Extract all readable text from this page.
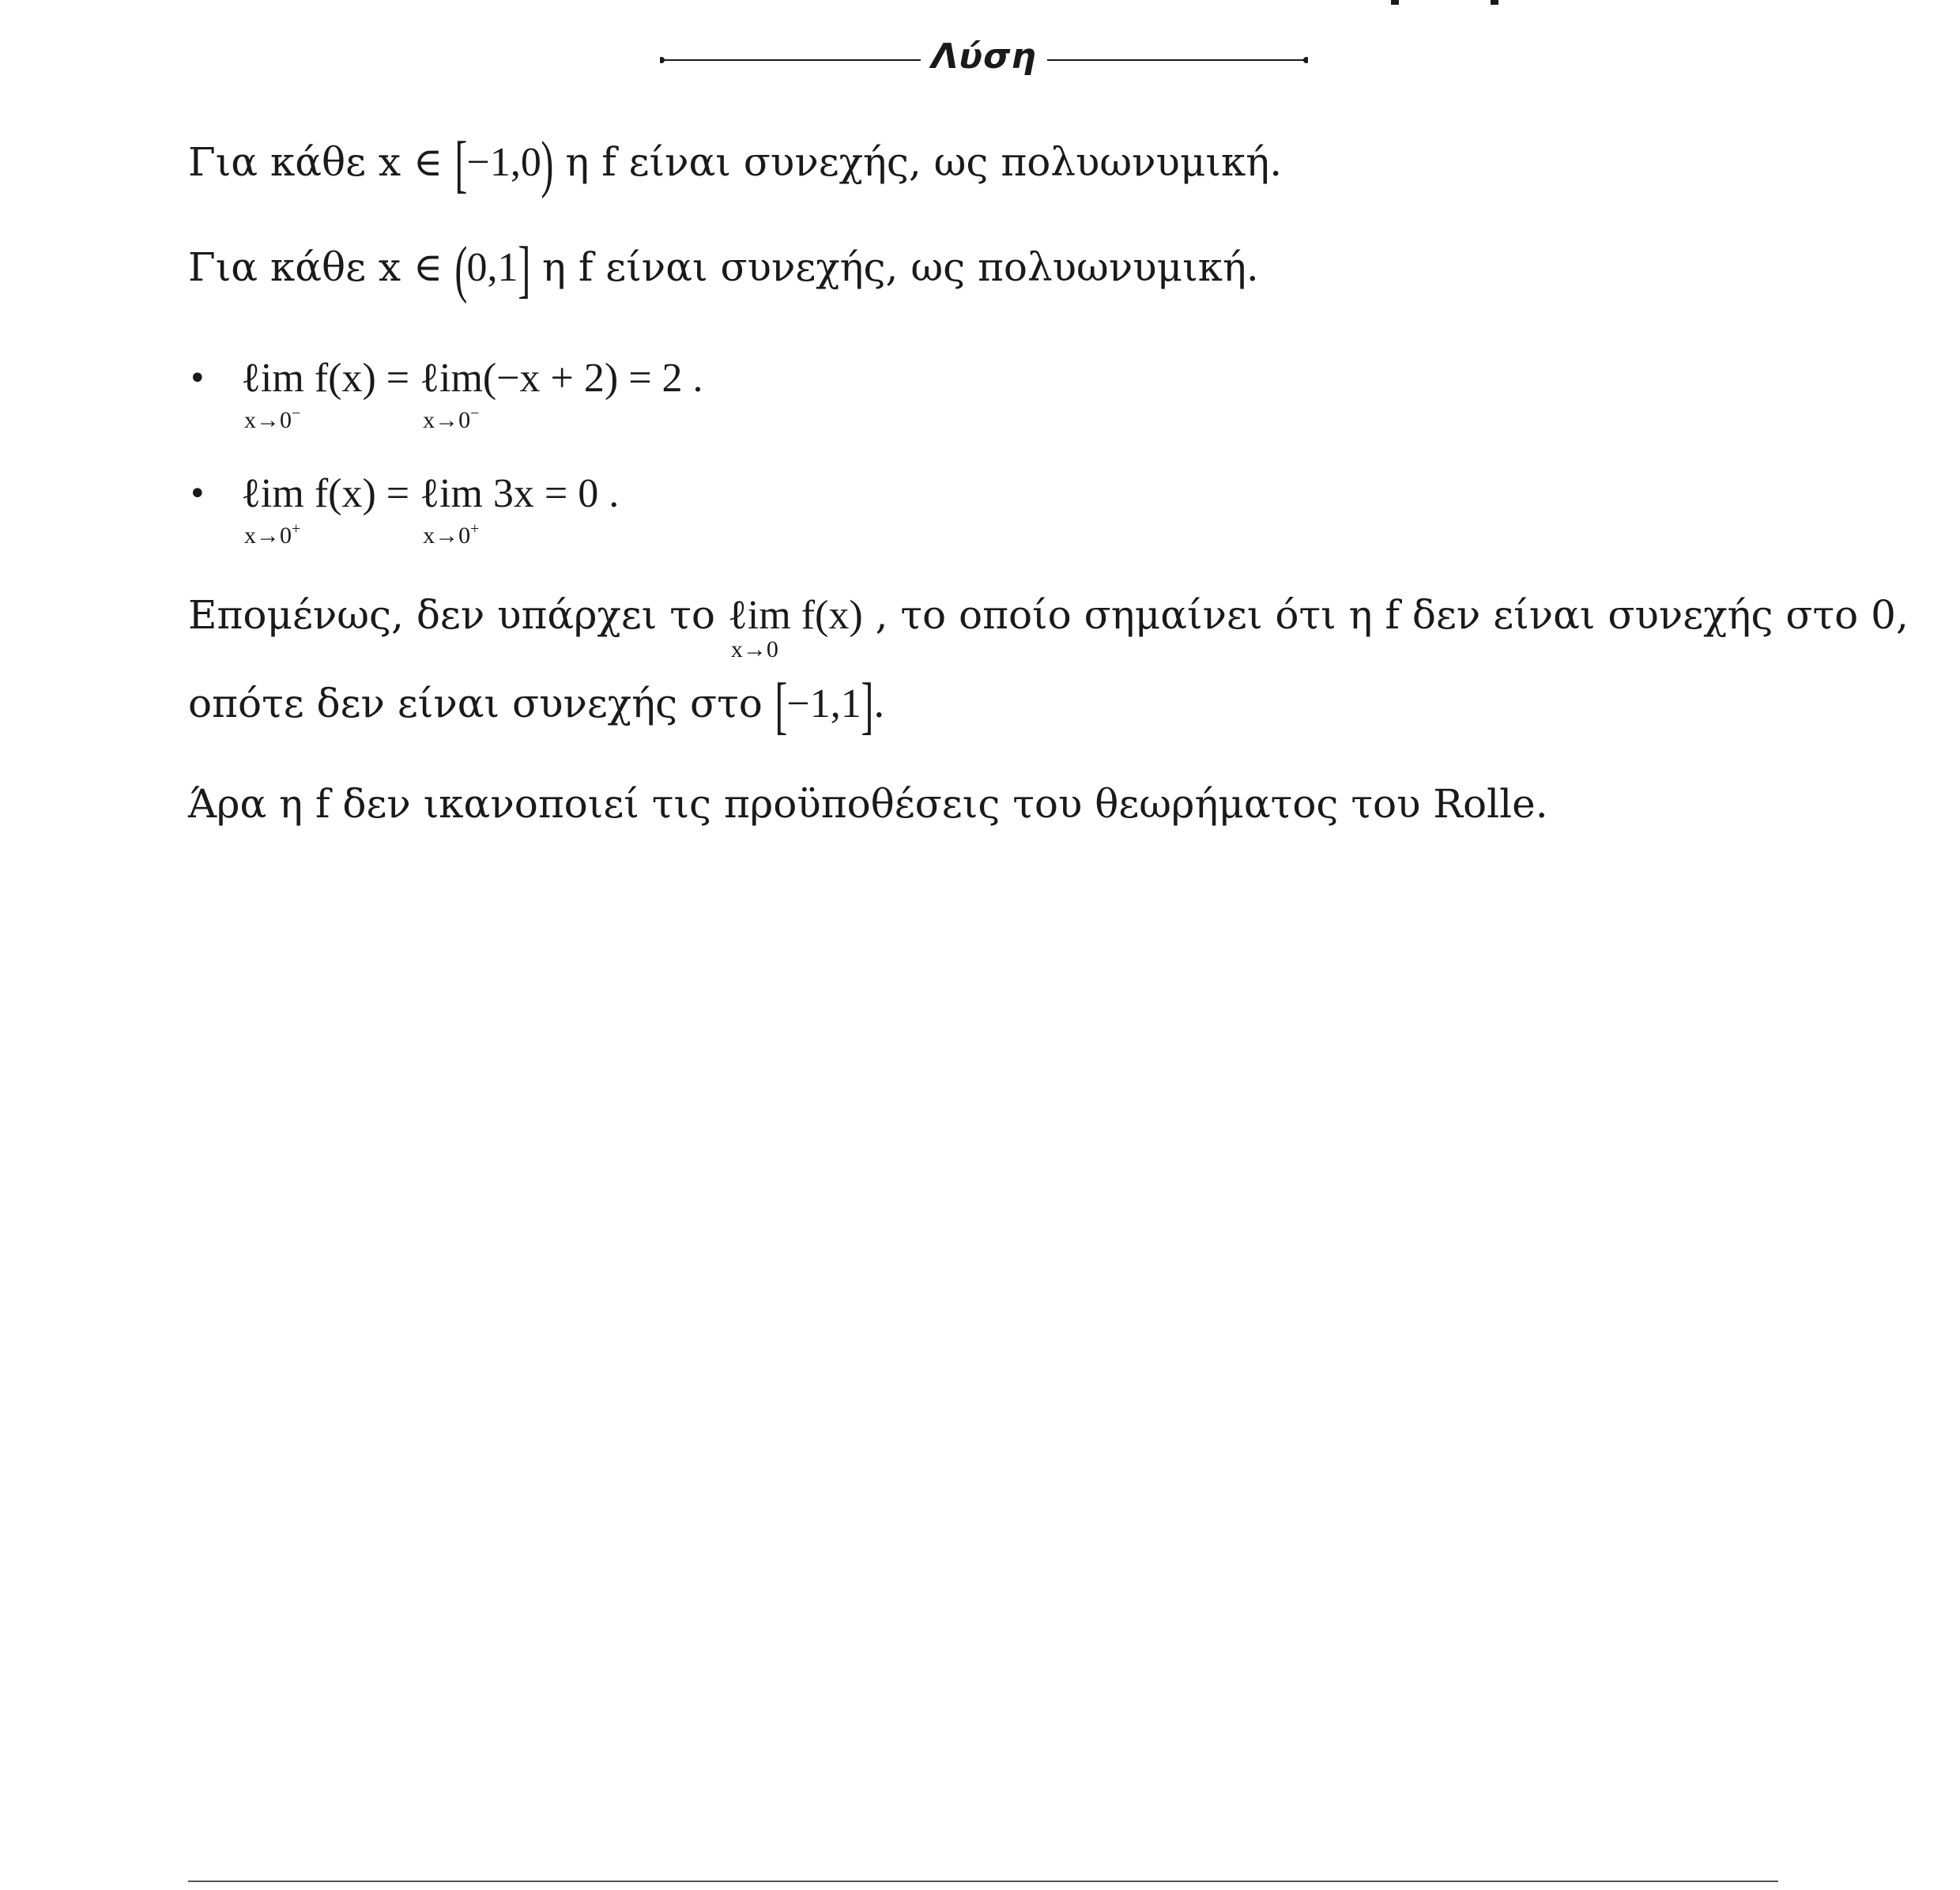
Λύση
Για κάθε x ∈ [−1,0) η f είναι συνεχής, ως πολυωνυμική.
Για κάθε x ∈ (0,1] η f είναι συνεχής, ως πολυωνυμική.
• ℓim
x→0−
f(x) = ℓim
x→0−
(−x + 2) = 2 .
• ℓim
x→0+
f(x) = ℓim
x→0+
3x = 0 .
Επομένως, δεν υπάρχει το ℓim
x→0
f(x) , το οποίο σημαίνει ότι η f δεν είναι συνεχής στο 0,
οπότε δεν είναι συνεχής στο [−1,1].
Άρα η f δεν ικανοποιεί τις προϋποθέσεις του θεωρήματος του Rolle.
